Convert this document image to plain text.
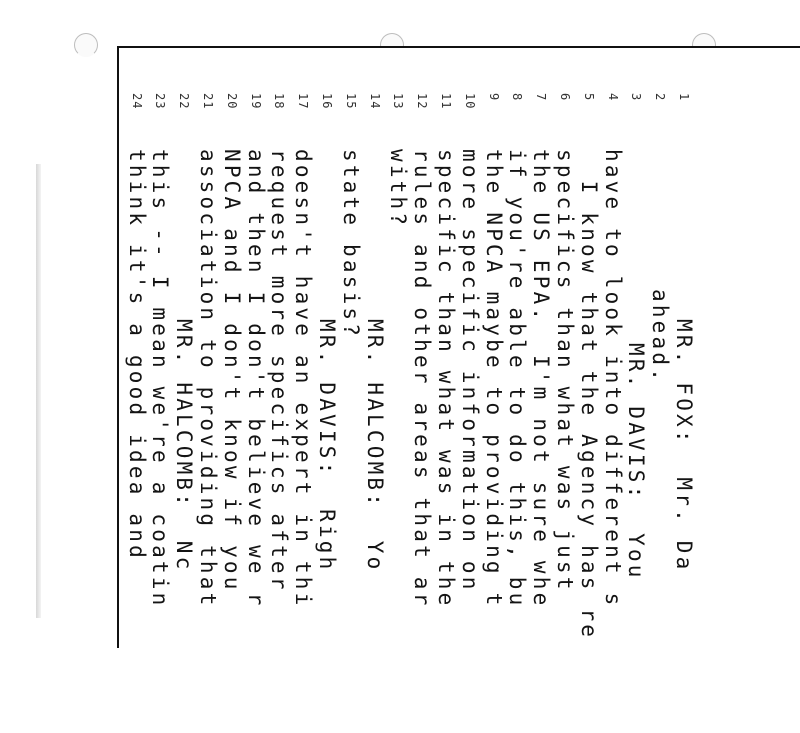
1
MR. FOX:  Mr. Da
2
ahead.
3
MR. DAVIS:  You
4
have to look into different s
5
I know that the Agency has re
6
specifics than what was just
7
the US EPA.  I'm not sure whe
8
if you're able to do this, bu
9
the NPCA maybe to providing t
10
more specific information on
11
specific than what was in the
12
rules and other areas that ar
13
with?
14
MR. HALCOMB:  Yo
15
state basis?
16
MR. DAVIS:  Righ
17
doesn't have an expert in thi
18
request more specifics after
19
and then I don't believe we r
20
NPCA and I don't know if you
21
association to providing that
22
MR. HALCOMB:  Nc
23
this -- I mean we're a coatin
24
think it's a good idea and
